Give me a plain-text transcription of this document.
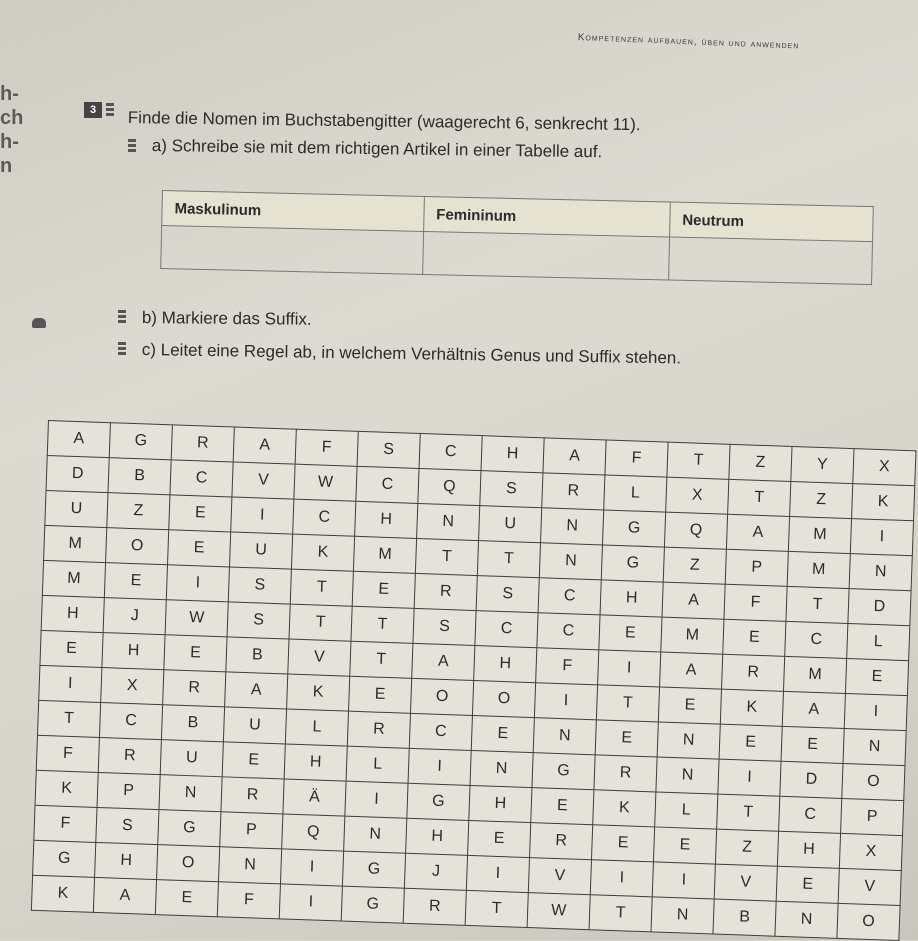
Kompetenzen aufbauen, üben und anwenden
h-
ch
h-
n
3	Finde die Nomen im Buchstabengitter (waagerecht 6, senkrecht 11).
a) Schreibe sie mit dem richtigen Artikel in einer Tabelle auf.
Maskulinum	Femininum	Neutrum

b) Markiere das Suffix.
c) Leitet eine Regel ab, in welchem Verhältnis Genus und Suffix stehen.
A	G	R	A	F	S	C	H	A	F	T	Z	Y	X
D	B	C	V	W	C	Q	S	R	L	X	T	Z	K
U	Z	E	I	C	H	N	U	N	G	Q	A	M	I
M	O	E	U	K	M	T	T	N	G	Z	P	M	N
M	E	I	S	T	E	R	S	C	H	A	F	T	D
H	J	W	S	T	T	S	C	C	E	M	E	C	L
E	H	E	B	V	T	A	H	F	I	A	R	M	E
I	X	R	A	K	E	O	O	I	T	E	K	A	I
T	C	B	U	L	R	C	E	N	E	N	E	E	N
F	R	U	E	H	L	I	N	G	R	N	I	D	O
K	P	N	R	Ä	I	G	H	E	K	L	T	C	P
F	S	G	P	Q	N	H	E	R	E	E	Z	H	X
G	H	O	N	I	G	J	I	V	I	I	V	E	V
K	A	E	F	I	G	R	T	W	T	N	B	N	O
